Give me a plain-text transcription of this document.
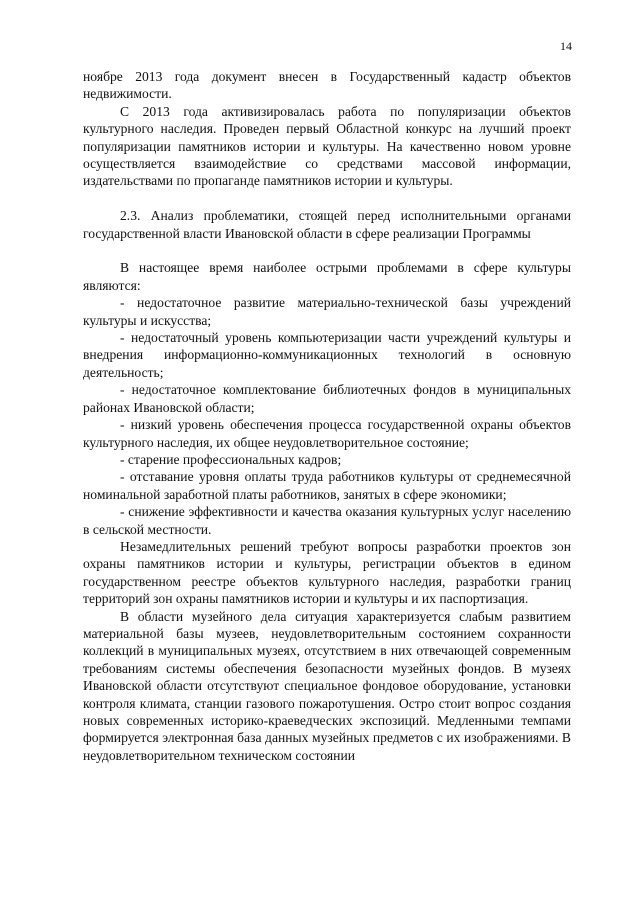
14

ноябре 2013 года документ внесен в Государственный кадастр объектов недвижимости.

С 2013 года активизировалась работа по популяризации объектов культурного наследия. Проведен первый Областной конкурс на лучший проект популяризации памятников истории и культуры. На качественно новом уровне осуществляется взаимодействие со средствами массовой информации, издательствами по пропаганде памятников истории и культуры.

2.3. Анализ проблематики, стоящей перед исполнительными органами государственной власти Ивановской области в сфере реализации Программы

В настоящее время наиболее острыми проблемами в сфере культуры являются:

- недостаточное развитие материально-технической базы учреждений культуры и искусства;

- недостаточный уровень компьютеризации части учреждений культуры и внедрения информационно-коммуникационных технологий в основную деятельность;

- недостаточное комплектование библиотечных фондов в муниципальных районах Ивановской области;

- низкий уровень обеспечения процесса государственной охраны объектов культурного наследия, их общее неудовлетворительное состояние;

- старение профессиональных кадров;

- отставание уровня оплаты труда работников культуры от среднемесячной номинальной заработной платы работников, занятых в сфере экономики;

- снижение эффективности и качества оказания культурных услуг населению в сельской местности.

Незамедлительных решений требуют вопросы разработки проектов зон охраны памятников истории и культуры, регистрации объектов в едином государственном реестре объектов культурного наследия, разработки границ территорий зон охраны памятников истории и культуры и их паспортизация.

В области музейного дела ситуация характеризуется слабым развитием материальной базы музеев, неудовлетворительным состоянием сохранности коллекций в муниципальных музеях, отсутствием в них отвечающей современным требованиям системы обеспечения безопасности музейных фондов. В музеях Ивановской области отсутствуют специальное фондовое оборудование, установки контроля климата, станции газового пожаротушения. Остро стоит вопрос создания новых современных историко-краеведческих экспозиций. Медленными темпами формируется электронная база данных музейных предметов с их изображениями. В неудовлетворительном техническом состоянии
